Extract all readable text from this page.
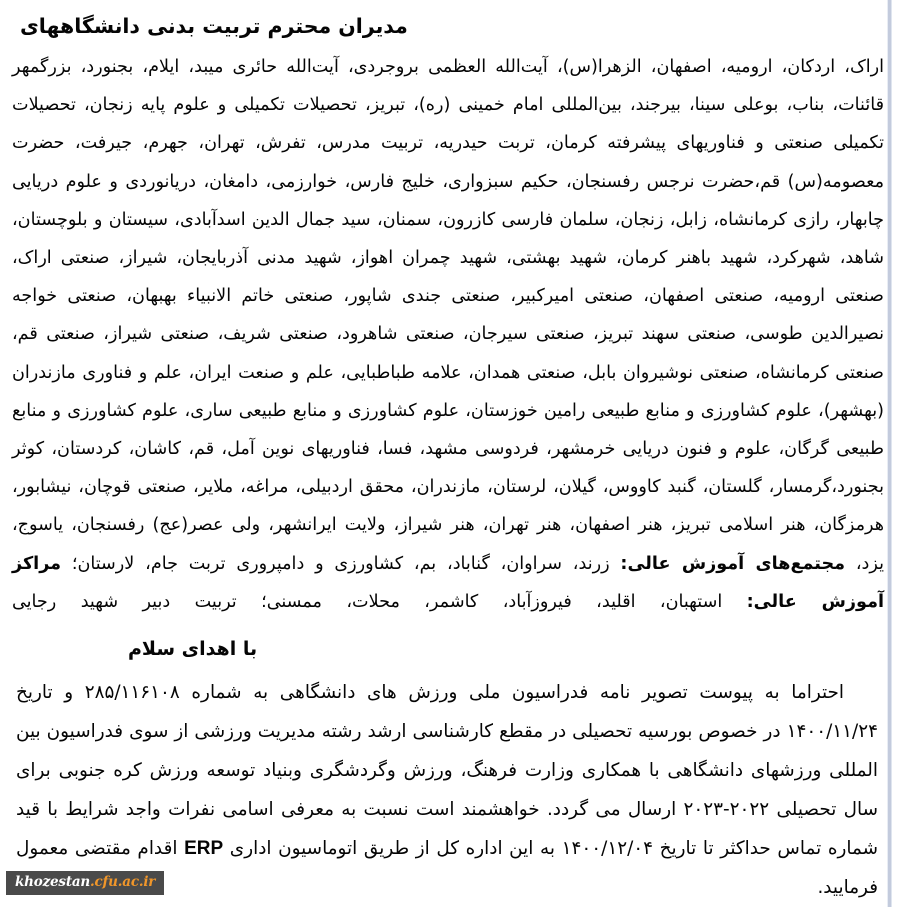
مدیران محترم تربیت بدنی دانشگاههای
اراک، اردکان، ارومیه، اصفهان، الزهرا(س)، آیت‌الله العظمی بروجردی، آیت‌الله حائری میبد، ایلام، بجنورد، بزرگمهر قائنات، بناب، بوعلی سینا، بیرجند، بین‌المللی امام خمینی (ره)، تبریز، تحصیلات تکمیلی و علوم پایه زنجان، تحصیلات تکمیلی صنعتی و فناوریهای پیشرفته کرمان، تربت حیدریه، تربیت مدرس، تفرش، تهران، جهرم، جیرفت، حضرت معصومه(س) قم،حضرت نرجس رفسنجان، حکیم سبزواری، خلیج فارس، خوارزمی، دامغان، دریانوردی و علوم دریایی چابهار، رازی کرمانشاه، زابل، زنجان، سلمان فارسی کازرون، سمنان، سید جمال الدین اسدآبادی، سیستان و بلوچستان، شاهد، شهرکرد، شهید باهنر کرمان، شهید بهشتی، شهید چمران اهواز، شهید مدنی آذربایجان، شیراز، صنعتی اراک، صنعتی ارومیه، صنعتی اصفهان، صنعتی امیرکبیر، صنعتی جندی شاپور، صنعتی خاتم الانبیاء بهبهان، صنعتی خواجه نصیرالدین طوسی، صنعتی سهند تبریز، صنعتی سیرجان، صنعتی شاهرود، صنعتی شریف، صنعتی شیراز، صنعتی قم، صنعتی کرمانشاه، صنعتی نوشیروان بابل، صنعتی همدان، علامه طباطبایی، علم و صنعت ایران، علم و فناوری مازندران (بهشهر)، علوم کشاورزی و منابع طبیعی رامین خوزستان، علوم کشاورزی و منابع طبیعی ساری، علوم کشاورزی و منابع طبیعی گرگان، علوم و فنون دریایی خرمشهر، فردوسی مشهد، فسا، فناوریهای نوین آمل، قم، کاشان، کردستان، کوثر بجنورد،گرمسار، گلستان، گنبد کاووس، گیلان، لرستان، مازندران، محقق اردبیلی، مراغه، ملایر، صنعتی قوچان، نیشابور، هرمزگان، هنر اسلامی تبریز، هنر اصفهان، هنر تهران، هنر شیراز، ولایت ایرانشهر، ولی عصر(عج) رفسنجان، یاسوج، یزد، مجتمع‌های آموزش عالی: زرند، سراوان، گناباد، بم، کشاورزی و دامپروری تربت جام، لارستان؛ مراکز آموزش عالی: استهبان، اقلید، فیروزآباد، کاشمر، محلات، ممسنی؛ تربیت دبیر شهید رجایی
با اهدای سلام
احتراما به پیوست تصویر نامه فدراسیون ملی ورزش های دانشگاهی به شماره ۲۸۵/۱۱۶۱۰۸ و تاریخ ۱۴۰۰/۱۱/۲۴ در خصوص بورسیه تحصیلی در مقطع کارشناسی ارشد رشته مدیریت ورزشی از سوی فدراسیون بین المللی ورزشهای دانشگاهی با همکاری وزارت فرهنگ، ورزش وگردشگری وبنیاد توسعه ورزش کره جنوبی برای سال تحصیلی ۲۰۲۲-۲۰۲۳ ارسال می گردد. خواهشمند است نسبت به معرفی اسامی نفرات واجد شرایط با قید شماره تماس حداکثر تا تاریخ ۱۴۰۰/۱۲/۰۴ به این اداره کل از طریق اتوماسیون اداری ERP اقدام مقتضی معمول فرمایید.
khozestan.cfu.ac.ir
